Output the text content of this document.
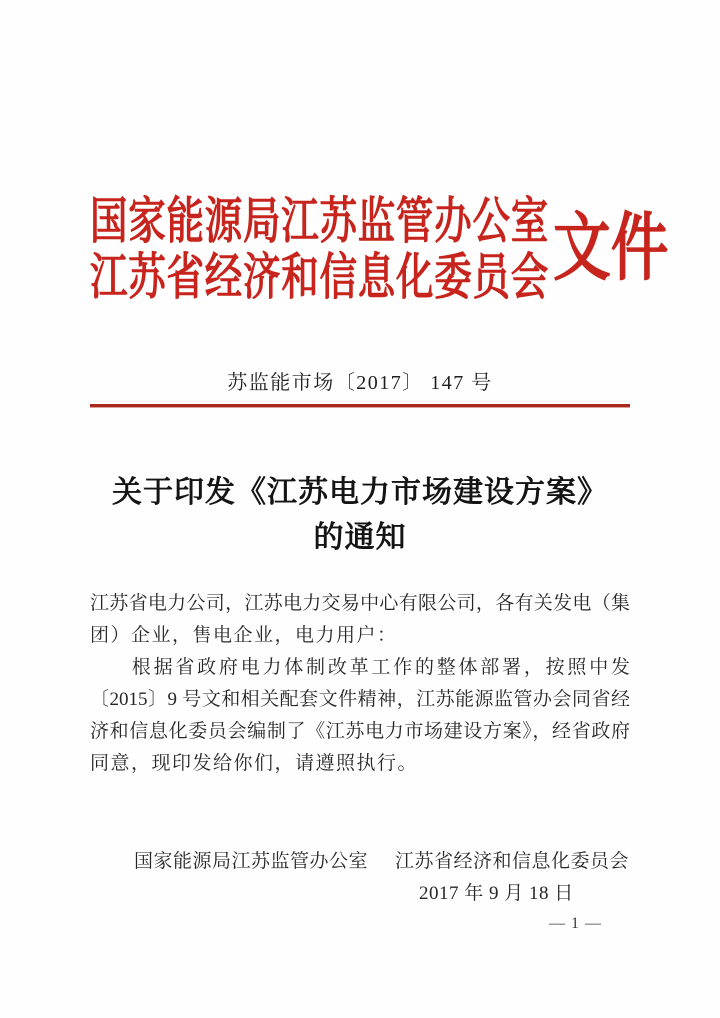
国家能源局江苏监管办公室
江苏省经济和信息化委员会 文件
苏监能市场〔2017〕 147 号
关于印发《江苏电力市场建设方案》
的通知
江苏省电力公司，江苏电力交易中心有限公司，各有关发电（集
团）企业，售电企业，电力用户：
根据省政府电力体制改革工作的整体部署，按照中发
〔2015〕9 号文和相关配套文件精神，江苏能源监管办会同省经
济和信息化委员会编制了《江苏电力市场建设方案》，经省政府
同意，现印发给你们，请遵照执行。
国家能源局江苏监管办公室 江苏省经济和信息化委员会
2017 年 9 月 18 日
— 1 —
